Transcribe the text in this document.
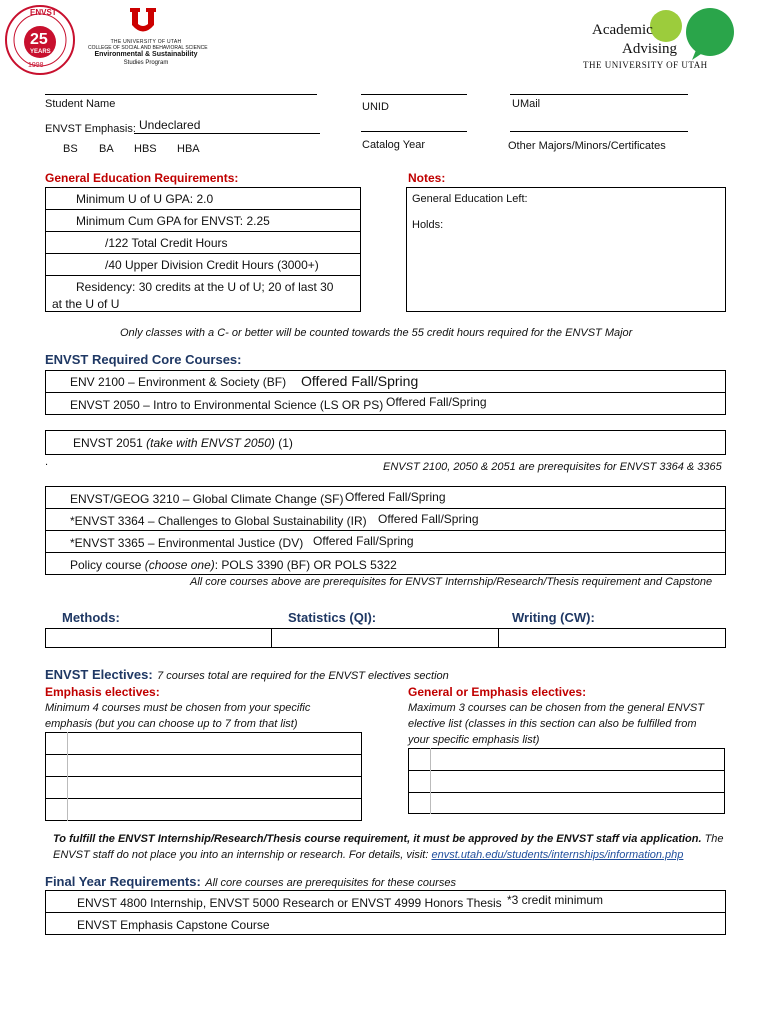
ENVST
25
YEARS
1998
THE UNIVERSITY OF UTAH
COLLEGE OF SOCIAL AND BEHAVIORAL SCIENCE
Environmental & Sustainability
Studies Program
Academic
Advising
THE UNIVERSITY OF UTAH
Student Name	UNID	UMail
ENVST Emphasis: Undeclared
Catalog Year	Other Majors/Minors/Certificates
BS BA HBS HBA
General Education Requirements:
Minimum U of U GPA: 2.0
Minimum Cum GPA for ENVST: 2.25
/122 Total Credit Hours
/40 Upper Division Credit Hours (3000+)
Residency: 30 credits at the U of U; 20 of last 30
at the U of U
Notes:
General Education Left:
Holds:
Only classes with a C- or better will be counted towards the 55 credit hours required for the ENVST Major
ENVST Required Core Courses:
ENV 2100 – Environment & Society (BF) Offered Fall/Spring
ENVST 2050 – Intro to Environmental Science (LS OR PS) Offered Fall/Spring
ENVST 2051 (take with ENVST 2050) (1)
.	ENVST 2100, 2050 & 2051 are prerequisites for ENVST 3364 & 3365
ENVST/GEOG 3210 – Global Climate Change (SF) Offered Fall/Spring
*ENVST 3364 – Challenges to Global Sustainability (IR) Offered Fall/Spring
*ENVST 3365 – Environmental Justice (DV) Offered Fall/Spring
Policy course (choose one): POLS 3390 (BF) OR POLS 5322
All core courses above are prerequisites for ENVST Internship/Research/Thesis requirement and Capstone
Methods:	Statistics (QI):	Writing (CW):
ENVST Electives: 7 courses total are required for the ENVST electives section
Emphasis electives:
Minimum 4 courses must be chosen from your specific
emphasis (but you can choose up to 7 from that list)
General or Emphasis electives:
Maximum 3 courses can be chosen from the general ENVST
elective list (classes in this section can also be fulfilled from
your specific emphasis list)
To fulfill the ENVST Internship/Research/Thesis course requirement, it must be approved by the ENVST staff via application. The
ENVST staff do not place you into an internship or research. For details, visit: envst.utah.edu/students/internships/information.php
Final Year Requirements: All core courses are prerequisites for these courses
ENVST 4800 Internship, ENVST 5000 Research or ENVST 4999 Honors Thesis *3 credit minimum
ENVST Emphasis Capstone Course
